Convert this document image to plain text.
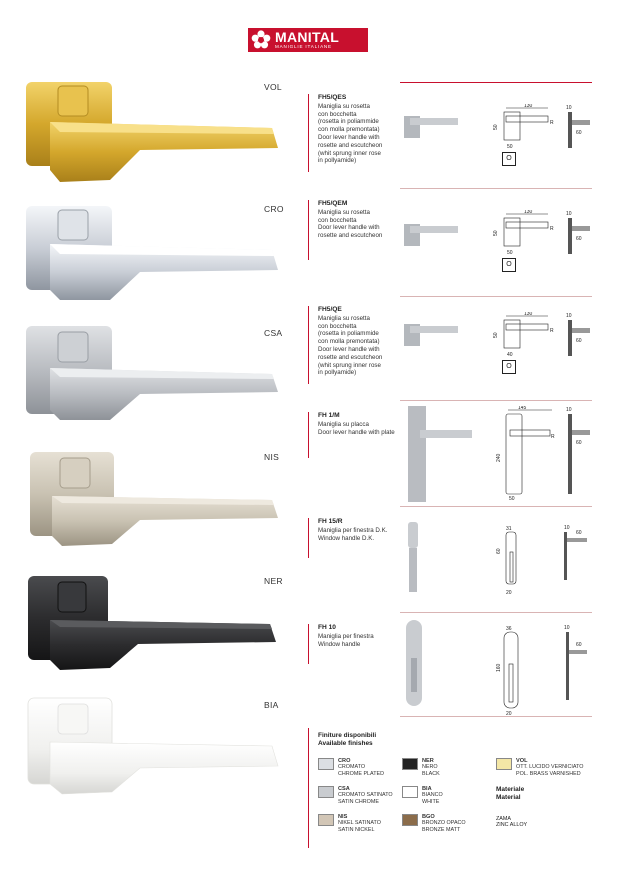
MANITAL
MANIGLIE ITALIANE
VOL
CRO
CSA
NIS
NER
BIA
FH5/QES
Maniglia su rosetta
con bocchetta
(rosetta in poliammide
con molla premontata)
Door lever handle with
rosette and escutcheon
(whit sprung inner rose
in pollyamide)
FH5/QEM
Maniglia su rosetta
con bocchetta
Door lever handle with
rosette and escutcheon
FH5/QE
Maniglia su rosetta
con bocchetta
(rosetta in poliammide
con molla premontata)
Door lever handle with
rosette and escutcheon
(whit sprung inner rose
in pollyamide)
FH 1/M
Maniglia su placca
Door lever handle with plate
FH 15/R
Maniglia per finestra D.K.
Window handle D.K.
FH 10
Maniglia per finestra
Window handle
130
50
50
R
10
60
O
130
50
50
R
10
60
O
130
50
40
R
10
60
O
145
240
50
R
10
60
31
60
20
10
60
36
160
20
10
60
Finiture disponibili
Available finishes
CRO
CROMATO
CHROME PLATED
CSA
CROMATO SATINATO
SATIN CHROME
NIS
NIKEL SATINATO
SATIN NICKEL
NER
NERO
BLACK
BIA
BIANCO
WHITE
BGO
BRONZO OPACO
BRONZE MATT
VOL
OTT. LUCIDO VERNICIATO
POL. BRASS VARNISHED
Materiale
Material
ZAMA
ZINC ALLOY
